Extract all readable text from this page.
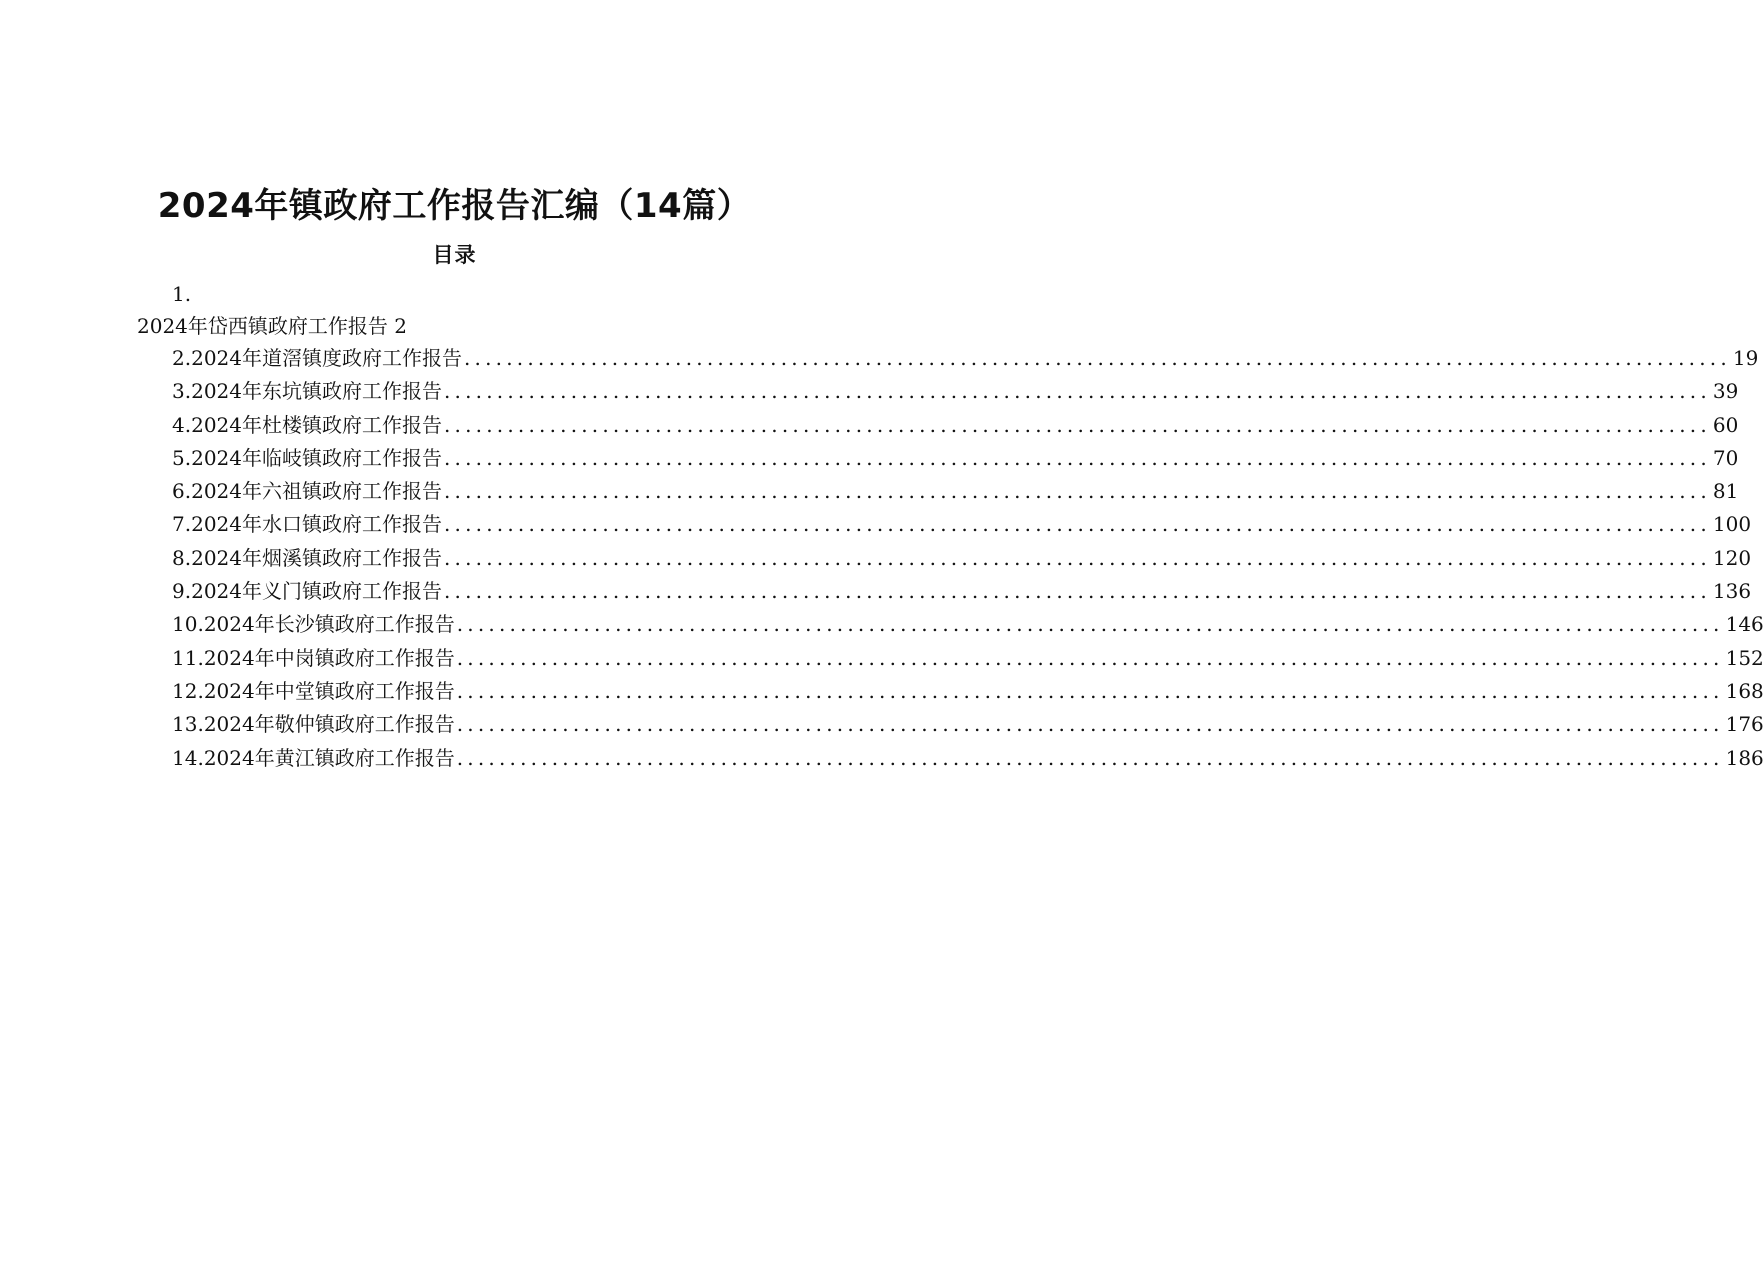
2024年镇政府工作报告汇编（14篇）
目录
1.
2024年岱西镇政府工作报告 2
2.2024年道滘镇度政府工作报告 ........................................................................................................................ 19
3.2024年东坑镇政府工作报告 ........................................................................................................................ 39
4.2024年杜楼镇政府工作报告 ........................................................................................................................ 60
5.2024年临岐镇政府工作报告 ........................................................................................................................ 70
6.2024年六祖镇政府工作报告 ........................................................................................................................ 81
7.2024年水口镇政府工作报告 ........................................................................................................................ 100
8.2024年烟溪镇政府工作报告 ........................................................................................................................ 120
9.2024年义门镇政府工作报告 ........................................................................................................................ 136
10.2024年长沙镇政府工作报告 ........................................................................................................................ 146
11.2024年中岗镇政府工作报告 ........................................................................................................................ 152
12.2024年中堂镇政府工作报告 ........................................................................................................................ 168
13.2024年敬仲镇政府工作报告 ........................................................................................................................ 176
14.2024年黄江镇政府工作报告 ........................................................................................................................ 186
